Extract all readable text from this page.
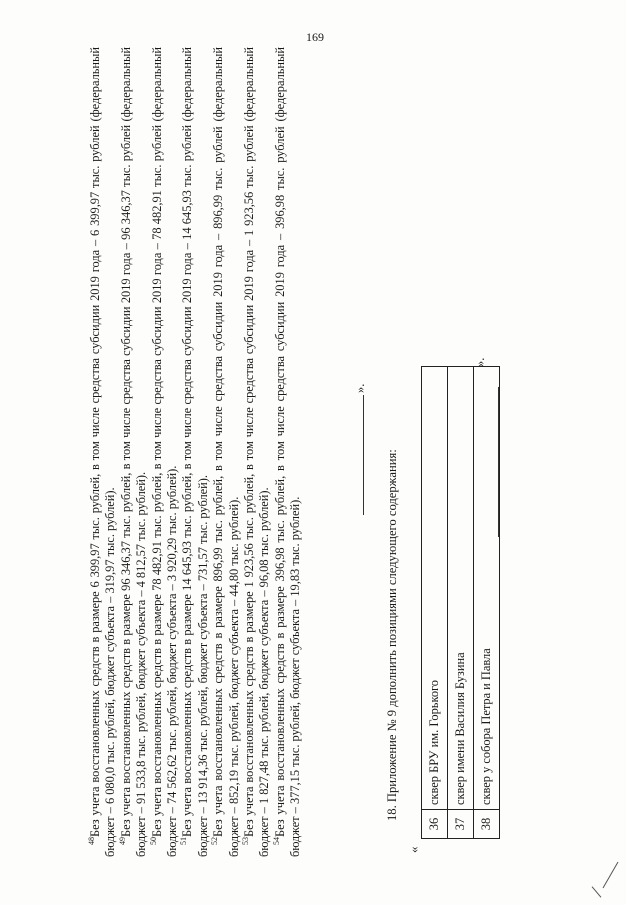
169

$^{48}$Без учета восстановленных средств в размере 6 399,97 тыс. рублей, в том числе средства субсидии 2019 года – 6 399,97 тыс. рублей (федеральный бюджет – 6 080,0 тыс. рублей, бюджет субъекта – 319,97 тыс. рублей). $^{49}$Без учета восстановленных средств в размере 96 346,37 тыс. рублей, в том числе средства субсидии 2019 года – 96 346,37 тыс. рублей (федеральный бюджет – 91 533,8 тыс. рублей, бюджет субъекта – 4 812,57 тыс. рублей). $^{50}$Без учета восстановленных средств в размере 78 482,91 тыс. рублей, в том числе средства субсидии 2019 года – 78 482,91 тыс. рублей (федеральный бюджет – 74 562,62 тыс. рублей, бюджет субъекта – 3 920,29 тыс. рублей). $^{51}$Без учета восстановленных средств в размере 14 645,93 тыс. рублей, в том числе средства субсидии 2019 года – 14 645,93 тыс. рублей (федеральный бюджет – 13 914,36 тыс. рублей, бюджет субъекта – 731,57 тыс. рублей). $^{52}$Без учета восстановленных средств в размере 896,99 тыс. рублей, в том числе средства субсидии 2019 года – 896,99 тыс. рублей (федеральный бюджет – 852,19 тыс. рублей, бюджет субъекта – 44,80 тыс. рублей). $^{53}$Без учета восстановленных средств в размере 1 923,56 тыс. рублей, в том числе средства субсидии 2019 года – 1 923,56 тыс. рублей (федеральный бюджет – 1 827,48 тыс. рублей, бюджет субъекта – 96,08 тыс. рублей). $^{54}$Без учета восстановленных средств в размере 396,98 тыс. рублей, в том числе средства субсидии 2019 года – 396,98 тыс. рублей (федеральный бюджет – 377,15 тыс. рублей, бюджет субъекта – 19,83 тыс. рублей).

».
18. Приложение № 9 дополнить позициями следующего содержания:
«
36	сквер БРУ им. Горького
37	сквер имени Василия Бузина
38	сквер у собора Петра и Павла
».
